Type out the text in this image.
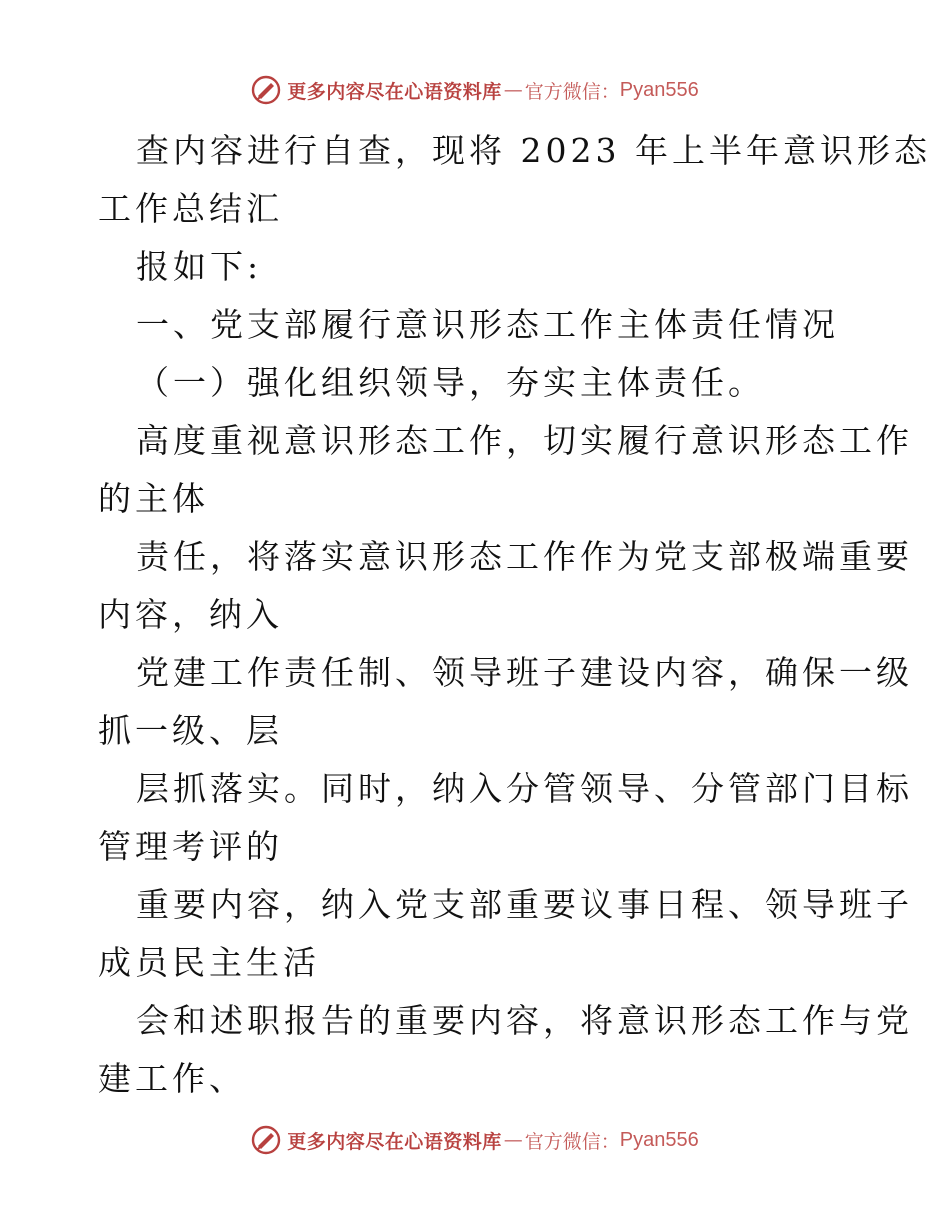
更多内容尽在心语资料库 — 官方微信： Pyan556
查内容进行自查，现将 2023 年上半年意识形态
工作总结汇
报如下:
一、党支部履行意识形态工作主体责任情况
（一）强化组织领导，夯实主体责任。
高度重视意识形态工作，切实履行意识形态工作
的主体
责任，将落实意识形态工作作为党支部极端重要
内容，纳入
党建工作责任制、领导班子建设内容，确保一级
抓一级、层
层抓落实。同时，纳入分管领导、分管部门目标
管理考评的
重要内容，纳入党支部重要议事日程、领导班子
成员民主生活
会和述职报告的重要内容，将意识形态工作与党
建工作、
更多内容尽在心语资料库 — 官方微信： Pyan556
